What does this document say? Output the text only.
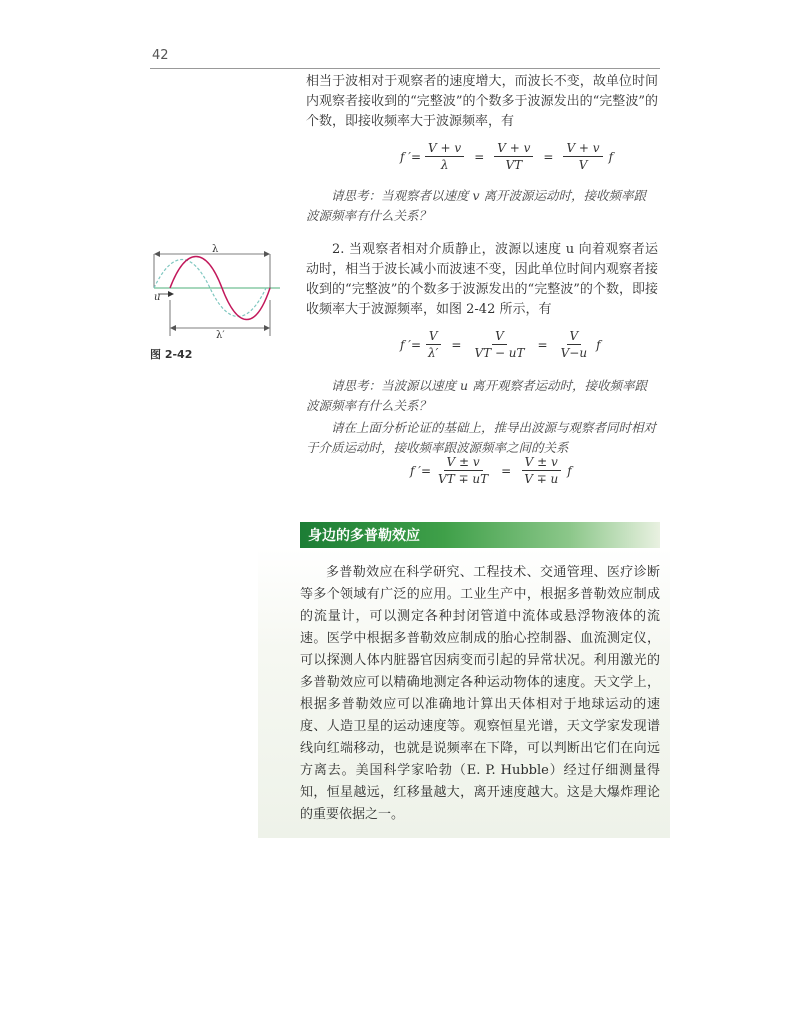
42

相当于波相对于观察者的速度增大，而波长不变，故单位时间内观察者接收到的“完整波”的个数多于波源发出的“完整波”的个数，即接收频率大于波源频率，有

f ′= $\frac{V + v}{\lambda} = \frac{V + v}{VT} = \frac{V + v}{V}$ f

请思考：当观察者以速度 v 离开波源运动时，接收频率跟波源频率有什么关系？

2. 当观察者相对介质静止，波源以速度 u 向着观察者运动时，相当于波长减小而波速不变，因此单位时间内观察者接收到的“完整波”的个数多于波源发出的“完整波”的个数，即接收频率大于波源频率，如图 2-42 所示，有

λ
u
λ′
图 2-42
f ′= $\frac{V}{\lambda'} = \frac{V}{VT - uT} = \frac{V}{V-u}$ f

请思考：当波源以速度 u 离开观察者运动时，接收频率跟波源频率有什么关系？

请在上面分析论证的基础上，推导出波源与观察者同时相对于介质运动时，接收频率跟波源频率之间的关系

f ′= $\frac{V \pm v}{VT \mp uT} = \frac{V \pm v}{V \mp u}$ f
身边的多普勒效应

多普勒效应在科学研究、工程技术、交通管理、医疗诊断等多个领域有广泛的应用。工业生产中，根据多普勒效应制成的流量计，可以测定各种封闭管道中流体或悬浮物液体的流速。医学中根据多普勒效应制成的胎心控制器、血流测定仪，可以探测人体内脏器官因病变而引起的异常状况。利用激光的多普勒效应可以精确地测定各种运动物体的速度。天文学上，根据多普勒效应可以准确地计算出天体相对于地球运动的速度、人造卫星的运动速度等。观察恒星光谱，天文学家发现谱线向红端移动，也就是说频率在下降，可以判断出它们在向远方离去。美国科学家哈勃（E. P. Hubble）经过仔细测量得知，恒星越远，红移量越大，离开速度越大。这是大爆炸理论的重要依据之一。
